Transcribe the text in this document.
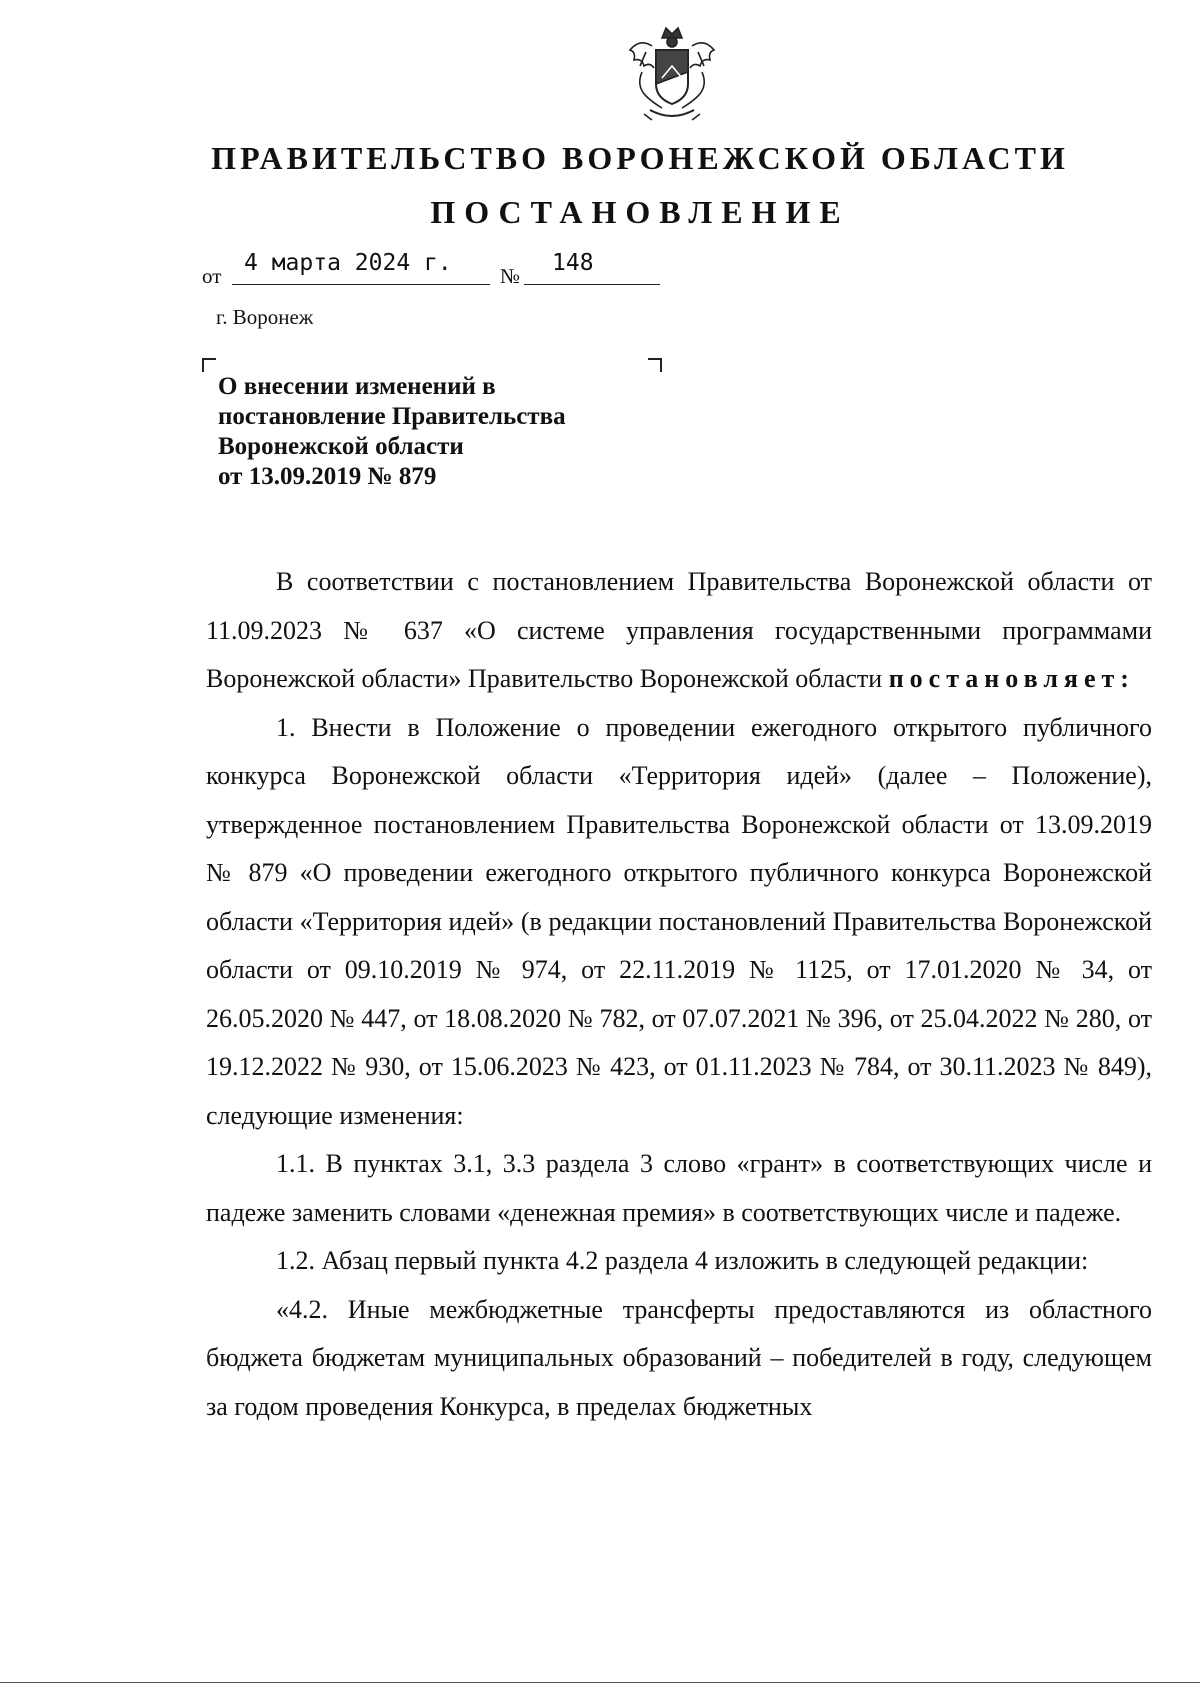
ПРАВИТЕЛЬСТВО ВОРОНЕЖСКОЙ ОБЛАСТИ
ПОСТАНОВЛЕНИЕ
от 4 марта 2024 г. № 148
г. Воронеж
О внесении изменений в
постановление Правительства
Воронежской области
от 13.09.2019 № 879

В соответствии с постановлением Правительства Воронежской области от 11.09.2023 № 637 «О системе управления государственными программами Воронежской области» Правительство Воронежской области постановляет:

1. Внести в Положение о проведении ежегодного открытого публичного конкурса Воронежской области «Территория идей» (далее – Положение), утвержденное постановлением Правительства Воронежской области от 13.09.2019 № 879 «О проведении ежегодного открытого публичного конкурса Воронежской области «Территория идей» (в редакции постановлений Правительства Воронежской области от 09.10.2019 № 974, от 22.11.2019 № 1125, от 17.01.2020 № 34, от 26.05.2020 № 447, от 18.08.2020 № 782, от 07.07.2021 № 396, от 25.04.2022 № 280, от 19.12.2022 № 930, от 15.06.2023 № 423, от 01.11.2023 № 784, от 30.11.2023 № 849), следующие изменения:

1.1. В пунктах 3.1, 3.3 раздела 3 слово «грант» в соответствующих числе и падеже заменить словами «денежная премия» в соответствующих числе и падеже.

1.2. Абзац первый пункта 4.2 раздела 4 изложить в следующей редакции:

«4.2. Иные межбюджетные трансферты предоставляются из областного бюджета бюджетам муниципальных образований – победителей в году, следующем за годом проведения Конкурса, в пределах бюджетных
